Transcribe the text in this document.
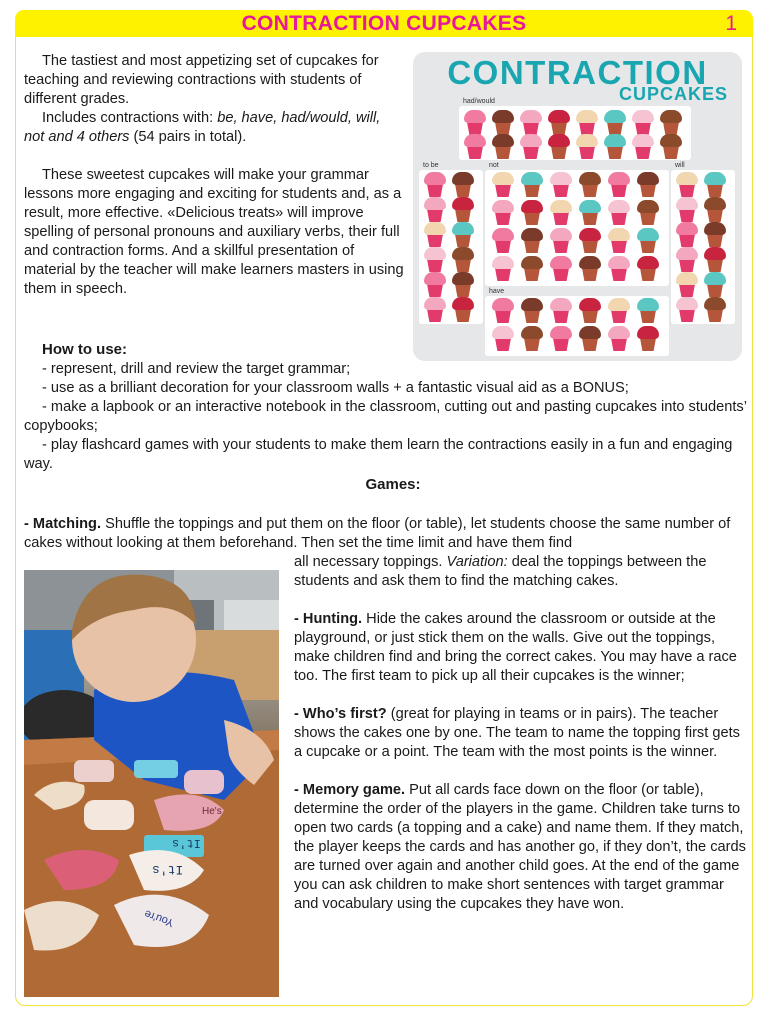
CONTRACTION CUPCAKES	1

The tastiest and most appetizing set of cupcakes for teaching and reviewing contractions with students of different grades.

Includes contractions with: be, have, had/would, will, not and 4 others (54 pairs in total).

These sweetest cupcakes will make your grammar lessons more engaging and exciting for students and, as a result, more effective. «Delicious treats» will improve spelling of personal pronouns and auxiliary verbs, their full and contraction forms. And a skillful presentation of material by the teacher will make learners masters in using them in speech.

CONTRACTION
CUPCAKES
had/would
to be	not	will
have
How to use:
- represent, drill and review the target grammar;
- use as a brilliant decoration for your classroom walls + a fantastic visual aid as a BONUS;
- make a lapbook or an interactive notebook in the classroom, cutting out and pasting cupcakes into students’ copybooks;
- play flashcard games with your students to make them learn the contractions easily in a fun and engaging way.
Games:
- Matching. Shuffle the toppings and put them on the floor (or table), let students choose the same number of cakes without looking at them beforehand. Then set the time limit and have them find

all necessary toppings. Variation: deal the toppings between the students and ask them to find the matching cakes.

- Hunting. Hide the cakes around the classroom or outside at the playground, or just stick them on the walls. Give out the toppings, make children find and bring the correct cakes. You may have a race too. The first team to pick up all their cupcakes is the winner;

- Who’s first? (great for playing in teams or in pairs). The teacher shows the cakes one by one. The team to name the topping first gets a cupcake or a point. The team with the most points is the winner.

- Memory game. Put all cards face down on the floor (or table), determine the order of the players in the game. Children take turns to open two cards (a topping and a cake) and name them. If they match, the player keeps the cards and has another go, if they don’t, the cards are turned over again and another child goes. At the end of the game you can ask children to make short sentences with target grammar and vocabulary using the cupcakes they have won.

It's
It's
He's
You're
